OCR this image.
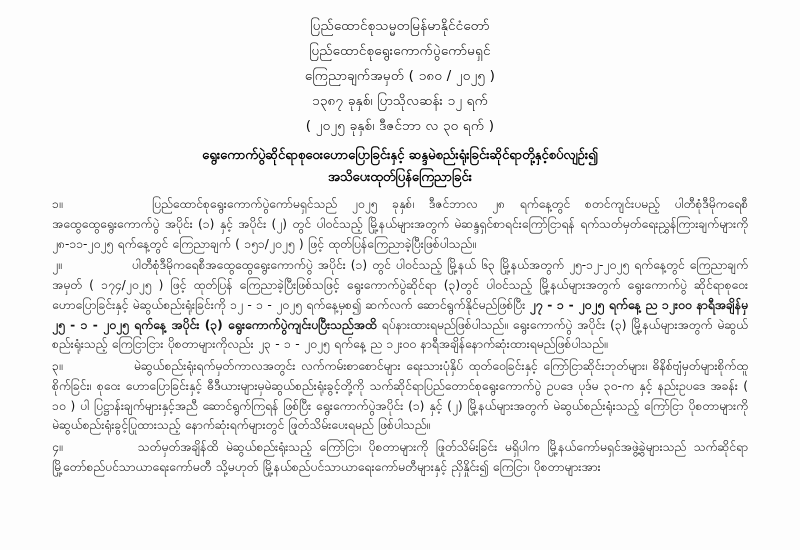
ပြည်ထောင်စုသမ္မတမြန်မာနိုင်ငံတော်
ပြည်ထောင်စုရွေးကောက်ပွဲကော်မရှင်
ကြေညာချက်အမှတ် ( ၁၈၀ / ၂၀၂၅ )
၁၃၈၇ ခုနှစ်၊ ပြာသိုလဆန်း ၁၂ ရက်
( ၂၀၂၅ ခုနှစ်၊ ဒီဇင်ဘာ လ ၃၀ ရက် )
ရွေးကောက်ပွဲဆိုင်ရာစုဝေးဟောပြောခြင်းနှင့် ဆန္ဒမဲစည်းရုံးခြင်းဆိုင်ရာတို့နှင့်စပ်လျဉ်း၍
အသိပေးထုတ်ပြန်ကြေညာခြင်း

၁။	ပြည်ထောင်စုရွေးကောက်ပွဲကော်မရှင်သည် ၂၀၂၅ ခုနှစ်၊ ဒီဇင်ဘာလ ၂၈ ရက်နေ့တွင် စတင်ကျင်းပမည့် ပါတီစုံဒီမိုကရေစီအထွေထွေရွေးကောက်ပွဲ အပိုင်း (၁) နှင့် အပိုင်း (၂) တွင် ပါဝင်သည့် မြို့နယ်များအတွက် မဲဆန္ဒရှင်စာရင်းကြော်ငြာရန် ရက်သတ်မှတ်ရေးညွှန်ကြားချက်များကို ၂၈-၁၁-၂၀၂၅ ရက်နေ့တွင် ကြေညာချက် ( ၁၅၁/၂၀၂၅ ) ဖြင့် ထုတ်ပြန်ကြေညာခဲ့ပြီးဖြစ်ပါသည်။

၂။	ပါတီစုံဒီမိုကရေစီအထွေထွေရွေးကောက်ပွဲ အပိုင်း (၁) တွင် ပါဝင်သည့် မြို့နယ် ၆၃ မြို့နယ်အတွက် ၂၅-၁၂-၂၀၂၅ ရက်နေ့တွင် ကြေညာချက်အမှတ် ( ၁၇၄/၂၀၂၅ ) ဖြင့် ထုတ်ပြန် ကြေညာခဲ့ပြီးဖြစ်သဖြင့် ရွေးကောက်ပွဲဆိုင်ရာ (၃)တွင် ပါဝင်သည့် မြို့နယ်များအတွက် ရွေးကောက်ပွဲ ဆိုင်ရာစုဝေးဟောပြောခြင်းနှင့် မဲဆွယ်စည်းရုံးခြင်းကို ၁၂ - ၁ - ၂၀၂၅ ရက်နေ့မှစ၍ ဆက်လက် ဆောင်ရွက်နိုင်မည်ဖြစ်ပြီး ၂၇ - ၁ - ၂၀၂၅ ရက်နေ့ ည ၁၂း၀၀ နာရီအချိန်မှ ၂၅ - ၁ - ၂၀၂၅ ရက်နေ့ အပိုင်း (၃) ရွေးကောက်ပွဲကျင်းပပြီးသည်အထိ ရပ်နားထားရမည်ဖြစ်ပါသည်။ ရွေးကောက်ပွဲ အပိုင်း (၃) မြို့နယ်များအတွက် မဲဆွယ်စည်းရုံးသည့် ကြေငြာငြား ပိုစတာများကိုလည်း ၂၃ - ၁ - ၂၀၂၅ ရက်နေ့ ည ၁၂း၀၀ နာရီအချိန်နောက်ဆုံးထားရမည်ဖြစ်ပါသည်။

၃။	မဲဆွယ်စည်းရုံးရက်မှတ်ကာလအတွင်း လက်ကမ်းစာစောင်များ ရေးသားပုံနှိပ် ထုတ်ဝေခြင်းနှင့် ကြော်ငြာဆိုင်းဘုတ်များ၊ ဓိနိစ်ဗျံမှတ်များစိုက်ထူစိုက်ခြင်း၊ စုဝေး ဟောပြောခြင်းနှင့် ဓီဒီယားများမှမဲဆွယ်စည်းရုံးခွင့်တို့ကို သက်ဆိုင်ရာပြည်တောင်စုရွေးကောက်ပွဲ ဥပဒေ ပုဒ်မ ၃၀-က နှင့် နည်းဥပဒေ အခန်း ( ၁၀ ) ပါ ပြဋ္ဌာန်းချက်များနှင့်အညီ ဆောင်ရွက်ကြရန် ဖြစ်ပြီး ရွေးကောက်ပွဲအပိုင်း (၁) နှင့် (၂) မြို့နယ်များအတွက် မဲဆွယ်စည်းရုံးသည့် ကြော်ငြာ ပိုစတာများကို မဲဆွယ်စည်းရုံးခွင့်ပြုထားသည့် နောက်ဆုံးရက်များတွင် ဖြုတ်သိမ်းပေးရမည် ဖြစ်ပါသည်။

၄။	သတ်မှတ်အချိန်ထိ မဲဆွယ်စည်းရုံးသည့် ကြော်ငြာ၊ ပိုစတာများကို ဖြုတ်သိမ်းခြင်း မရှိပါက မြို့နယ်ကော်မရှင်အဖွဲ့ခွဲများသည် သက်ဆိုင်ရာ မြို့တော်စည်ပင်သာယာရေးကော်မတီ သို့မဟုတ် မြို့နယ်စည်ပင်သာယာရေးကော်မတီများနှင့် ညှိနှိုင်း၍ ကြေငြာ၊ ပိုစတာများအား
